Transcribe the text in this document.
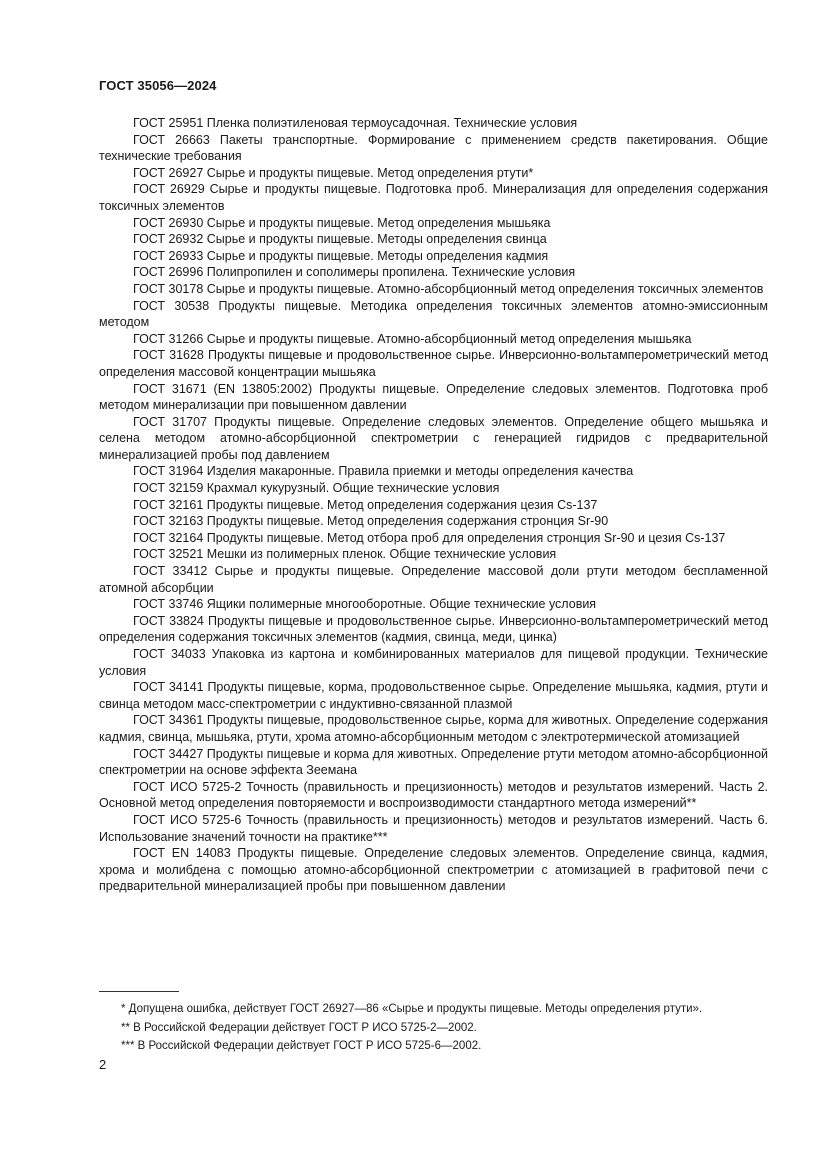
ГОСТ 35056—2024

ГОСТ 25951 Пленка полиэтиленовая термоусадочная. Технические условия

ГОСТ 26663 Пакеты транспортные. Формирование с применением средств пакетирования. Общие технические требования

ГОСТ 26927 Сырье и продукты пищевые. Метод определения ртути*

ГОСТ 26929 Сырье и продукты пищевые. Подготовка проб. Минерализация для определения содержания токсичных элементов

ГОСТ 26930 Сырье и продукты пищевые. Метод определения мышьяка

ГОСТ 26932 Сырье и продукты пищевые. Методы определения свинца

ГОСТ 26933 Сырье и продукты пищевые. Методы определения кадмия

ГОСТ 26996 Полипропилен и сополимеры пропилена. Технические условия

ГОСТ 30178 Сырье и продукты пищевые. Атомно-абсорбционный метод определения токсичных элементов

ГОСТ 30538 Продукты пищевые. Методика определения токсичных элементов атомно-эмиссионным методом

ГОСТ 31266 Сырье и продукты пищевые. Атомно-абсорбционный метод определения мышьяка

ГОСТ 31628 Продукты пищевые и продовольственное сырье. Инверсионно-вольтамперометрический метод определения массовой концентрации мышьяка

ГОСТ 31671 (EN 13805:2002) Продукты пищевые. Определение следовых элементов. Подготовка проб методом минерализации при повышенном давлении

ГОСТ 31707 Продукты пищевые. Определение следовых элементов. Определение общего мышьяка и селена методом атомно-абсорбционной спектрометрии с генерацией гидридов с предварительной минерализацией пробы под давлением

ГОСТ 31964 Изделия макаронные. Правила приемки и методы определения качества

ГОСТ 32159 Крахмал кукурузный. Общие технические условия

ГОСТ 32161 Продукты пищевые. Метод определения содержания цезия Cs-137

ГОСТ 32163 Продукты пищевые. Метод определения содержания стронция Sr-90

ГОСТ 32164 Продукты пищевые. Метод отбора проб для определения стронция Sr-90 и цезия Cs-137

ГОСТ 32521 Мешки из полимерных пленок. Общие технические условия

ГОСТ 33412 Сырье и продукты пищевые. Определение массовой доли ртути методом беспламенной атомной абсорбции

ГОСТ 33746 Ящики полимерные многооборотные. Общие технические условия

ГОСТ 33824 Продукты пищевые и продовольственное сырье. Инверсионно-вольтамперометрический метод определения содержания токсичных элементов (кадмия, свинца, меди, цинка)

ГОСТ 34033 Упаковка из картона и комбинированных материалов для пищевой продукции. Технические условия

ГОСТ 34141 Продукты пищевые, корма, продовольственное сырье. Определение мышьяка, кадмия, ртути и свинца методом масс-спектрометрии с индуктивно-связанной плазмой

ГОСТ 34361 Продукты пищевые, продовольственное сырье, корма для животных. Определение содержания кадмия, свинца, мышьяка, ртути, хрома атомно-абсорбционным методом с электротермической атомизацией

ГОСТ 34427 Продукты пищевые и корма для животных. Определение ртути методом атомно-абсорбционной спектрометрии на основе эффекта Зеемана

ГОСТ ИСО 5725-2 Точность (правильность и прецизионность) методов и результатов измерений. Часть 2. Основной метод определения повторяемости и воспроизводимости стандартного метода измерений**

ГОСТ ИСО 5725-6 Точность (правильность и прецизионность) методов и результатов измерений. Часть 6. Использование значений точности на практике***

ГОСТ EN 14083 Продукты пищевые. Определение следовых элементов. Определение свинца, кадмия, хрома и молибдена с помощью атомно-абсорбционной спектрометрии с атомизацией в графитовой печи с предварительной минерализацией пробы при повышенном давлении

* Допущена ошибка, действует ГОСТ 26927—86 «Сырье и продукты пищевые. Методы определения ртути».

** В Российской Федерации действует ГОСТ Р ИСО 5725-2—2002.

*** В Российской Федерации действует ГОСТ Р ИСО 5725-6—2002.

2
